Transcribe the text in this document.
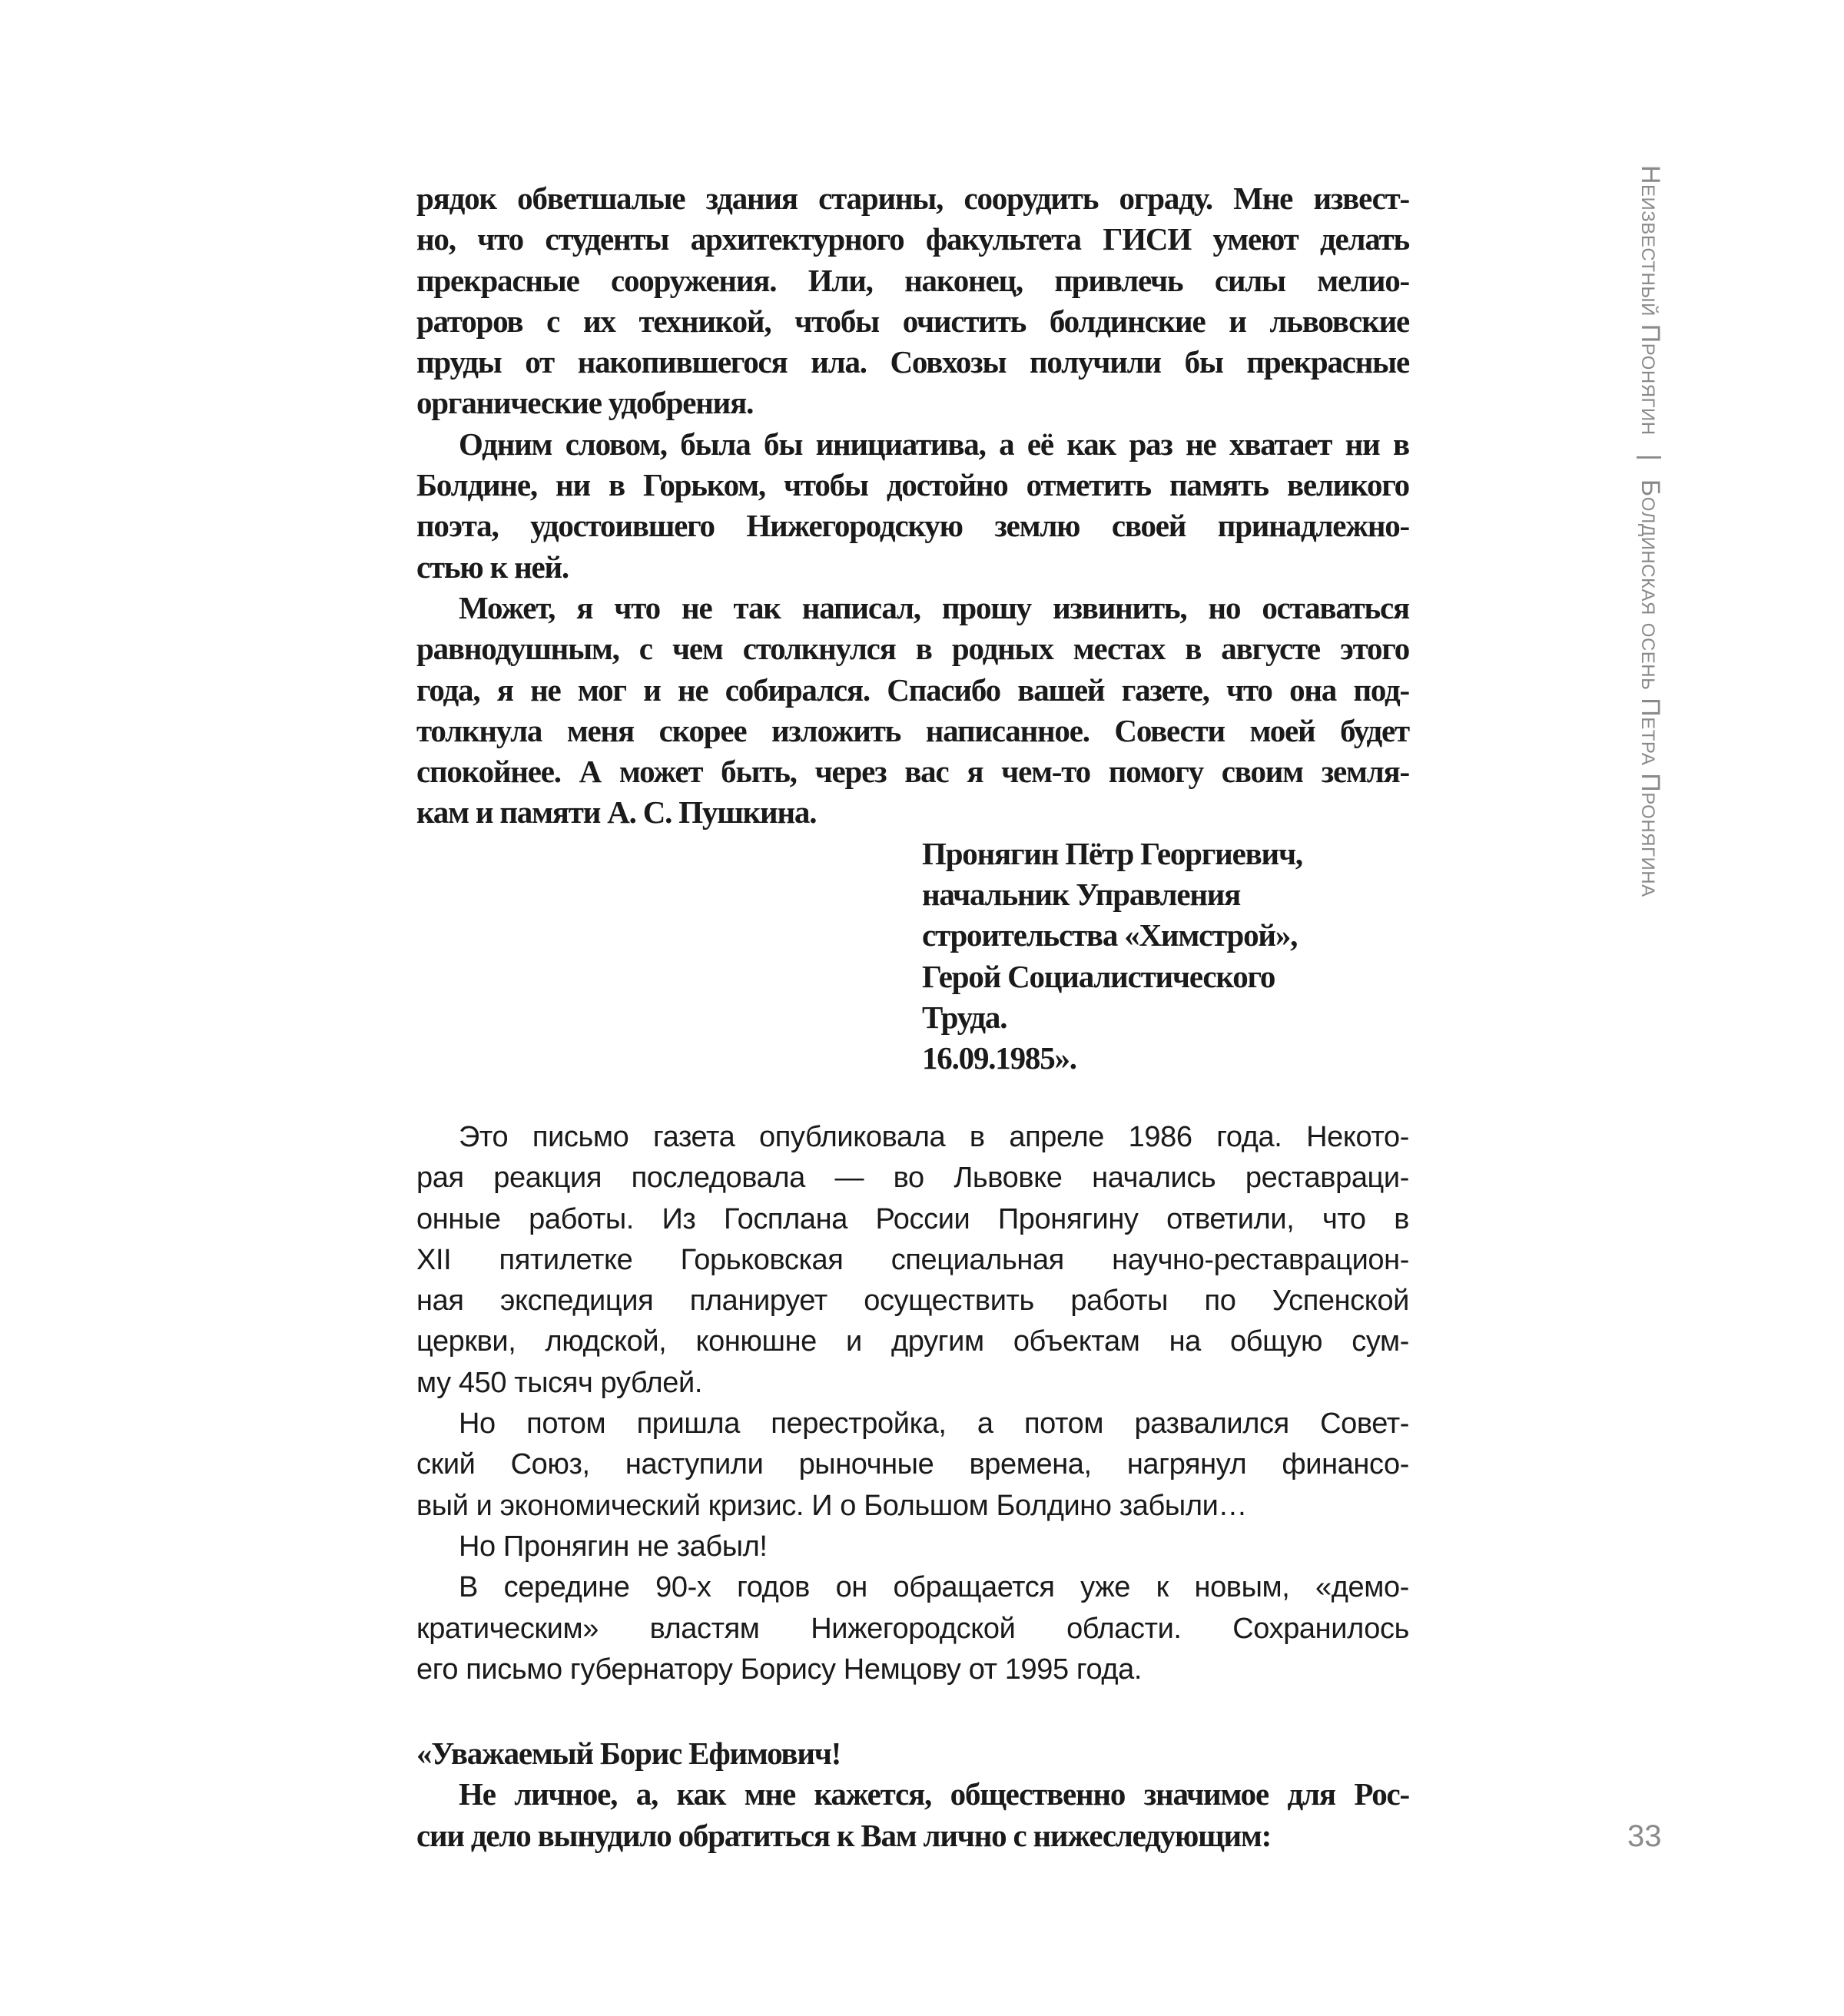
Неизвестный Пронягин | Болдинская осень Петра Пронягина
33
рядок обветшалые здания старины, соорудить ограду. Мне извест-
но, что студенты архитектурного факультета ГИСИ умеют делать
прекрасные сооружения. Или, наконец, привлечь силы мелио-
раторов с их техникой, чтобы очистить болдинские и львовские
пруды от накопившегося ила. Совхозы получили бы прекрасные
органические удобрения.
Одним словом, была бы инициатива, а её как раз не хватает ни в
Болдине, ни в Горьком, чтобы достойно отметить память великого
поэта, удостоившего Нижегородскую землю своей принадлежно-
стью к ней.
Может, я что не так написал, прошу извинить, но оставаться
равнодушным, с чем столкнулся в родных местах в августе этого
года, я не мог и не собирался. Спасибо вашей газете, что она под-
толкнула меня скорее изложить написанное. Совести моей будет
спокойнее. А может быть, через вас я чем-то помогу своим земля-
кам и памяти А. С. Пушкина.
Пронягин Пётр Георгиевич,
начальник Управления
строительства «Химстрой»,
Герой Социалистического
Труда.
16.09.1985».
Это письмо газета опубликовала в апреле 1986 года. Некото-
рая реакция последовала — во Львовке начались реставраци-
онные работы. Из Госплана России Пронягину ответили, что в
XII пятилетке Горьковская специальная научно-реставрацион-
ная экспедиция планирует осуществить работы по Успенской
церкви, людской, конюшне и другим объектам на общую сум-
му 450 тысяч рублей.
Но потом пришла перестройка, а потом развалился Совет-
ский Союз, наступили рыночные времена, нагрянул финансо-
вый и экономический кризис. И о Большом Болдино забыли…
Но Пронягин не забыл!
В середине 90-х годов он обращается уже к новым, «демо-
кратическим» властям Нижегородской области. Сохранилось
его письмо губернатору Борису Немцову от 1995 года.
«Уважаемый Борис Ефимович!
Не личное, а, как мне кажется, общественно значимое для Рос-
сии дело вынудило обратиться к Вам лично с нижеследующим:
